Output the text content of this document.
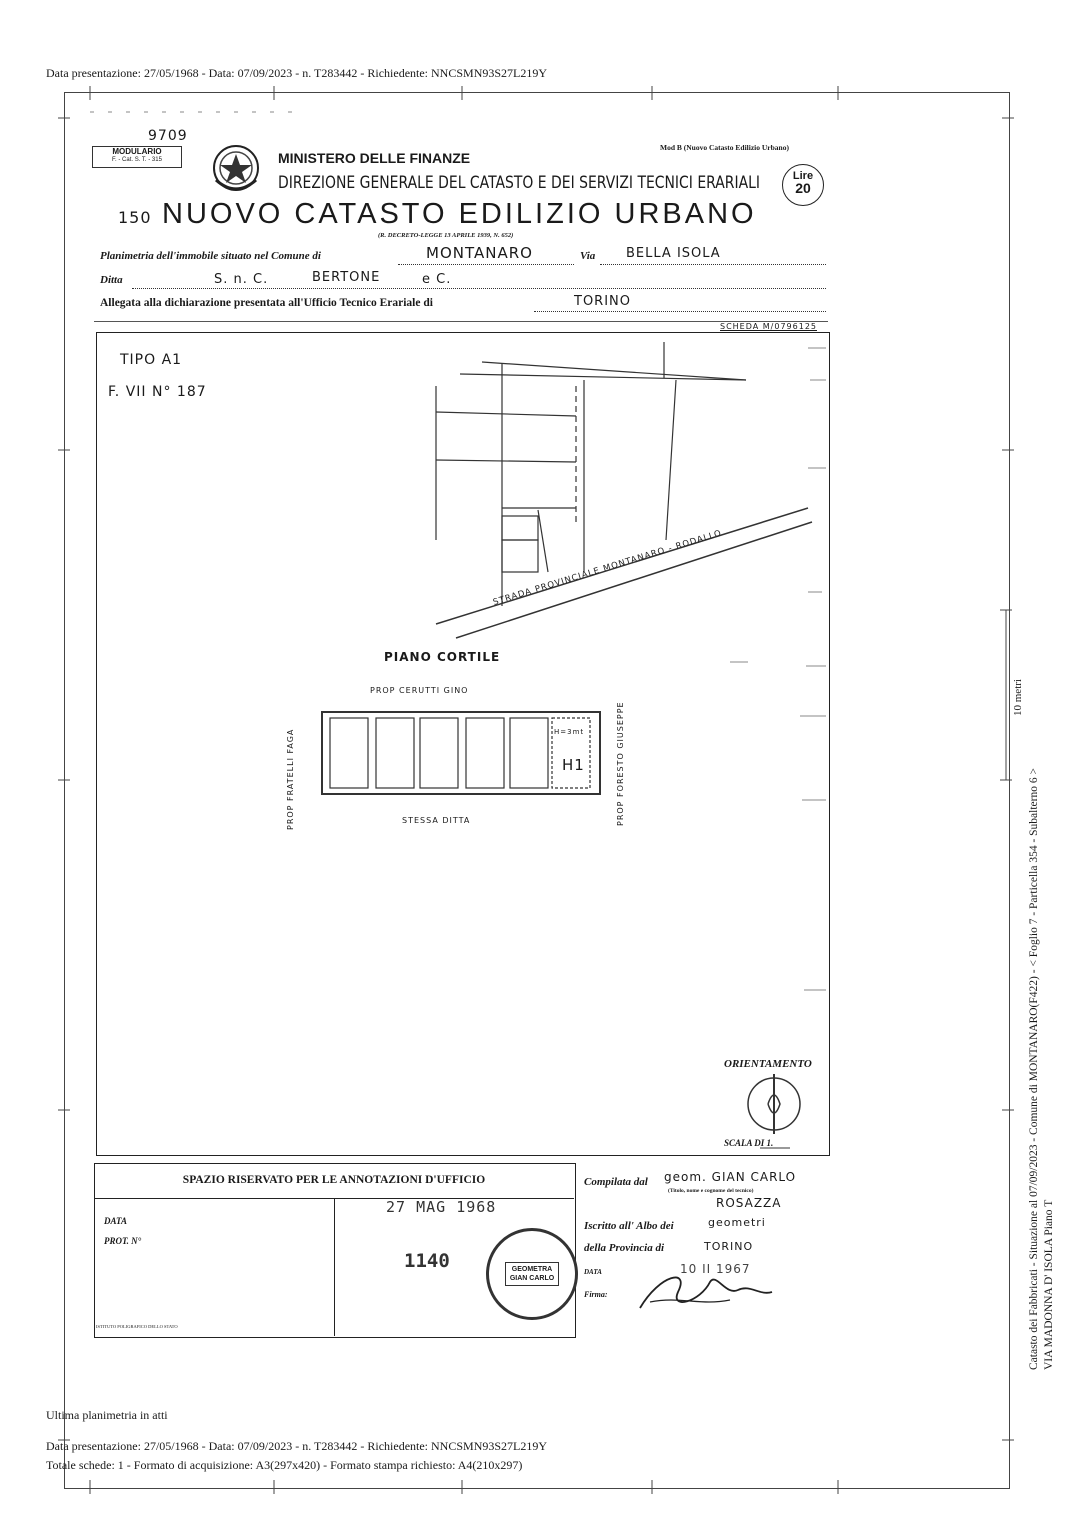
Data presentazione: 27/05/1968 - Data: 07/09/2023 - n. T283442 - Richiedente: NNCSMN93S27L219Y
MODULARIO
F. - Cat. S. T. - 315
9709
Mod B (Nuovo Catasto Edilizio Urbano)
MINISTERO DELLE FINANZE
DIREZIONE GENERALE DEL CATASTO E DEI SERVIZI TECNICI ERARIALI	Lire
20
150 NUOVO CATASTO EDILIZIO URBANO
(R. DECRETO-LEGGE 13 APRILE 1939, N. 652)
Planimetria dell'immobile situato nel Comune di	MONTANARO	Via BELLA ISOLA
Ditta	S. n. C.	BERTONE	e C.
Allegata alla dichiarazione presentata all'Ufficio Tecnico Erariale di	TORINO
SCHEDA M/0796125
TIPO A1
F. VII N° 187
STRADA PROVINCIALE MONTANARO - RODALLO
PIANO CORTILE
PROP CERUTTI GINO
STESSA DITTA
PROP FRATELLI FAGA	PROP FORESTO GIUSEPPE
H=3mt
H1
ORIENTAMENTO
SCALA DI 1.
SPAZIO RISERVATO PER LE ANNOTAZIONI D'UFFICIO
DATA
PROT. N°
27 MAG 1968
1140
ISTITUTO POLIGRAFICO DELLO STATO
GEOMETRA GIAN CARLO
Compilata dal geom. GIAN CARLO
(Titolo, nome e cognome del tecnico)
ROSAZZA
Iscritto all' Albo dei	geometri
della Provincia di	TORINO
DATA	10 II 1967
Firma:	Catasto dei Fabbricati - Situazione al 07/09/2023 - Comune di MONTANARO(F422) - < Foglio 7 - Particella 354 - Subalterno 6 > VIA MADONNA D' ISOLA Piano T
10 metri
Ultima planimetria in atti
Data presentazione: 27/05/1968 - Data: 07/09/2023 - n. T283442 - Richiedente: NNCSMN93S27L219Y
Totale schede: 1 - Formato di acquisizione: A3(297x420) - Formato stampa richiesto: A4(210x297)
